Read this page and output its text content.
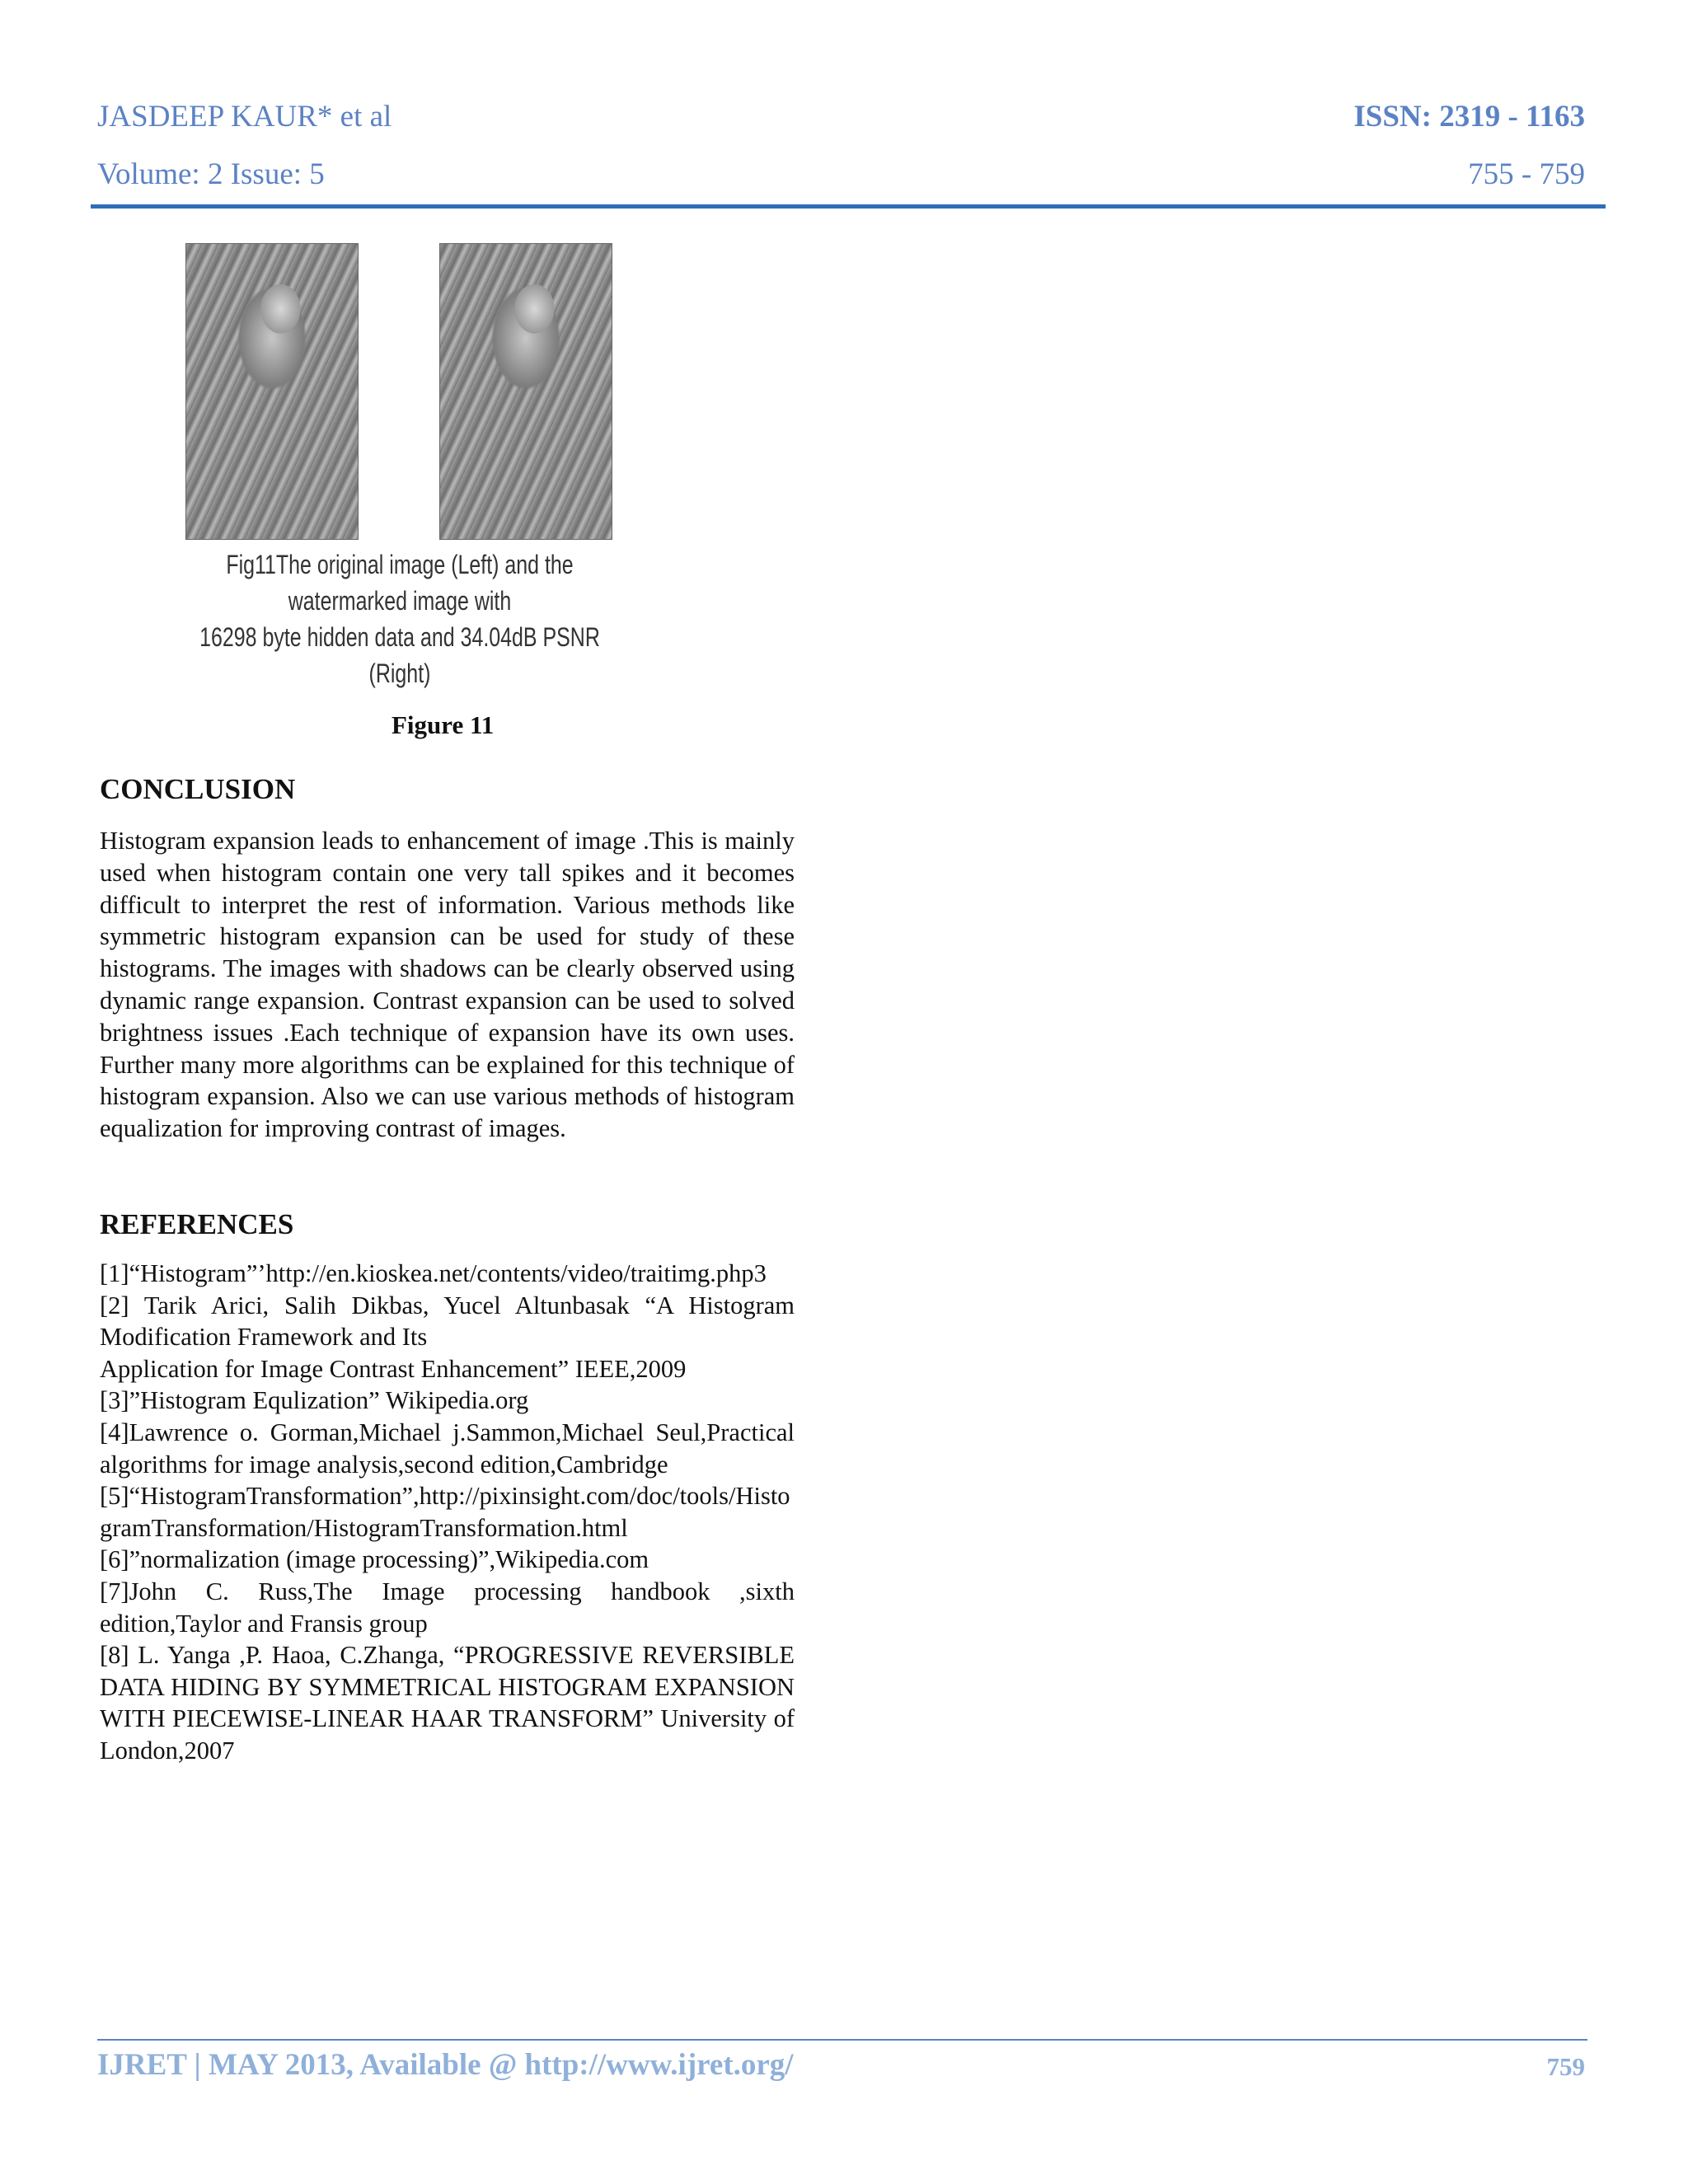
JASDEEP KAUR* et al	ISSN: 2319 - 1163
Volume: 2 Issue: 5	755 - 759
Fig11The original image (Left) and the watermarked image with
16298 byte hidden data and 34.04dB PSNR (Right)
Figure 11
CONCLUSION
Histogram expansion leads to enhancement of image .This is mainly used when histogram contain one very tall spikes and it becomes difficult to interpret the rest of information. Various methods like symmetric histogram expansion can be used for study of these histograms. The images with shadows can be clearly observed using dynamic range expansion. Contrast expansion can be used to solved brightness issues .Each technique of expansion have its own uses. Further many more algorithms can be explained for this technique of histogram expansion. Also we can use various methods of histogram equalization for improving contrast of images.
REFERENCES
[1]“Histogram”’http://en.kioskea.net/contents/video/traitimg.php3
[2] Tarik Arici, Salih Dikbas, Yucel Altunbasak “A Histogram Modification Framework and Its
Application for Image Contrast Enhancement” IEEE,2009
[3]”Histogram Equlization” Wikipedia.org
[4]Lawrence o. Gorman,Michael j.Sammon,Michael Seul,Practical algorithms for image analysis,second edition,Cambridge
[5]“HistogramTransformation”,http://pixinsight.com/doc/tools/HistogramTransformation/HistogramTransformation.html
[6]”normalization (image processing)”,Wikipedia.com
[7]John C. Russ,The Image processing handbook ,sixth edition,Taylor and Fransis group
[8] L. Yanga ,P. Haoa, C.Zhanga, “PROGRESSIVE REVERSIBLE DATA HIDING BY SYMMETRICAL HISTOGRAM EXPANSION WITH PIECEWISE-LINEAR HAAR TRANSFORM” University of London,2007
IJRET | MAY 2013, Available @ http://www.ijret.org/	759
